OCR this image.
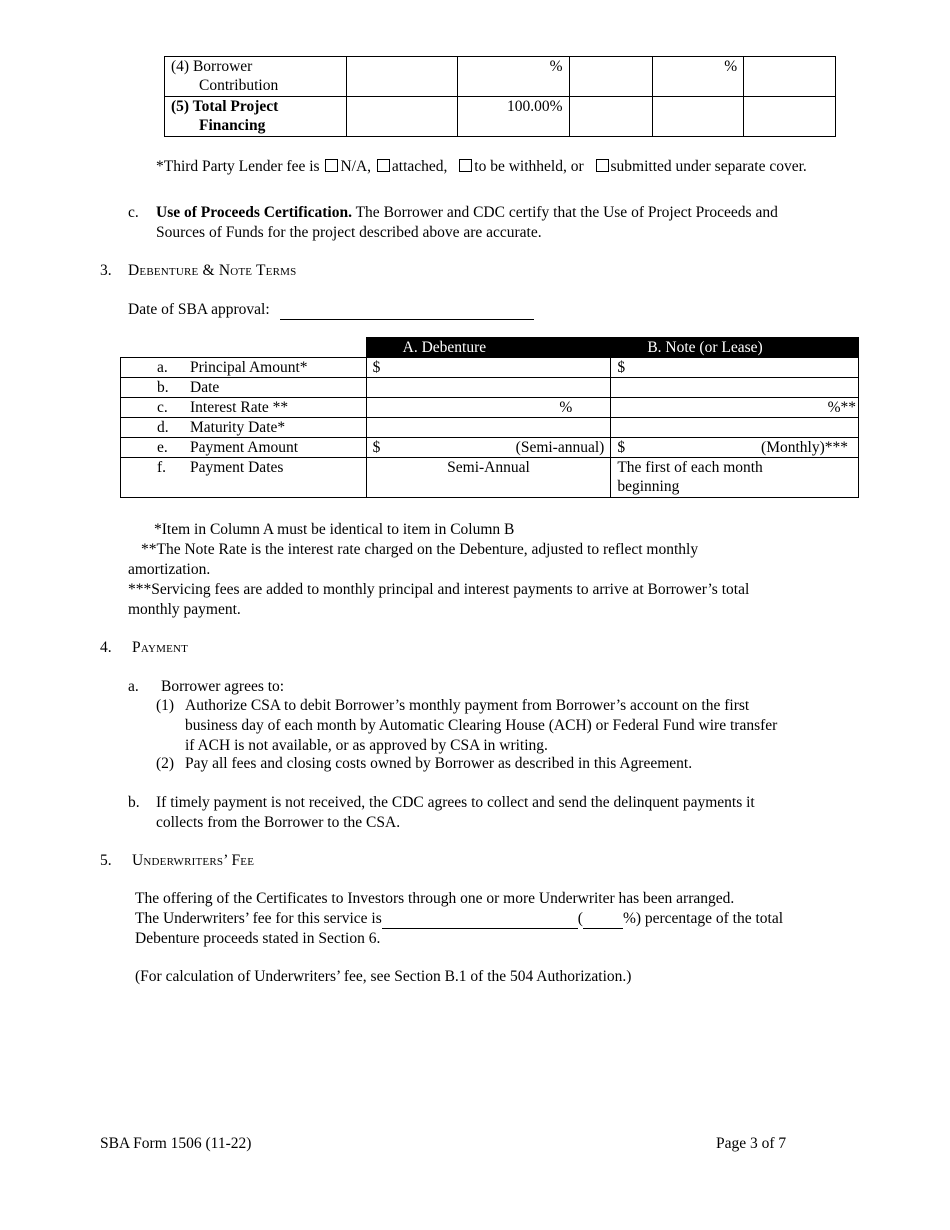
(4) Borrower
Contribution		%		%	

(5) Total Project
Financing		100.00%			
*Third Party Lender fee is N/A, attached, to be withheld, or submitted under separate cover.
c. Use of Proceeds Certification. The Borrower and CDC certify that the Use of Project Proceeds and
Sources of Funds for the project described above are accurate.
3. Debenture & Note Terms
Date of SBA approval:
	A. Debenture	B. Note (or Lease)
a. Principal Amount*	$	$

b. Date	

c. Interest Rate **	%	%**

d. Maturity Date*	

e. Payment Amount	$ (Semi-annual)	$ (Monthly)***

f. Payment Dates	Semi-Annual	The first of each month
beginning
*Item in Column A must be identical to item in Column B
**The Note Rate is the interest rate charged on the Debenture, adjusted to reflect monthly
amortization.
***Servicing fees are added to monthly principal and interest payments to arrive at Borrower’s total
monthly payment.
4. Payment
a. Borrower agrees to:
(1) Authorize CSA to debit Borrower’s monthly payment from Borrower’s account on the first
business day of each month by Automatic Clearing House (ACH) or Federal Fund wire transfer
if ACH is not available, or as approved by CSA in writing.
(2) Pay all fees and closing costs owned by Borrower as described in this Agreement.
b. If timely payment is not received, the CDC agrees to collect and send the delinquent payments it
collects from the Borrower to the CSA.
5. Underwriters’ Fee
The offering of the Certificates to Investors through one or more Underwriter has been arranged.
The Underwriters’ fee for this service is	(	%) percentage of the total
Debenture proceeds stated in Section 6.
(For calculation of Underwriters’ fee, see Section B.1 of the 504 Authorization.)
SBA Form 1506 (11-22)	Page 3 of 7
